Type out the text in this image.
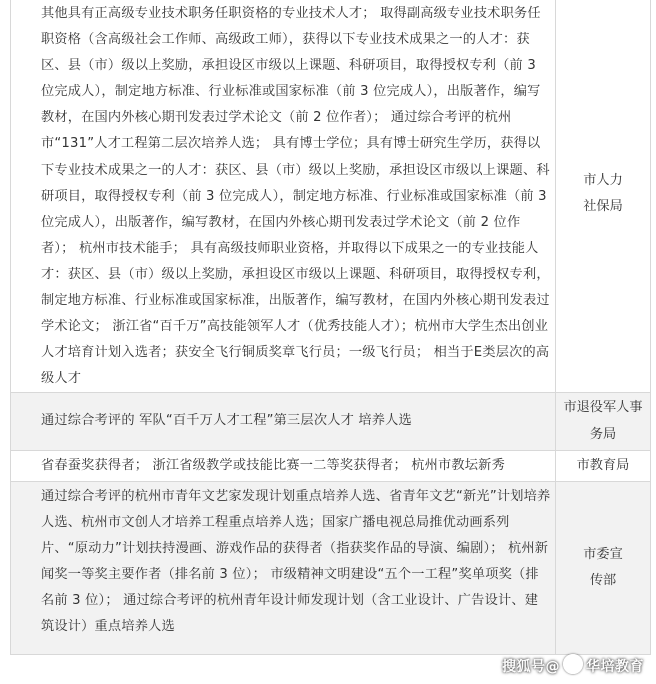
其他具有正高级专业技术职务任职资格的专业技术人才； 取得副高级专业技术职务任职资格（含高级社会工作师、高级政工师），获得以下专业技术成果之一的人才：获区、县（市）级以上奖励，承担设区市级以上课题、科研项目，取得授权专利（前 3 位完成人），制定地方标准、行业标准或国家标准（前 3 位完成人），出版著作，编写教材，在国内外核心期刊发表过学术论文（前 2 位作者）； 通过综合考评的杭州市“131”人才工程第二层次培养人选； 具有博士学位；具有博士研究生学历，获得以下专业技术成果之一的人才：获区、县（市）级以上奖励，承担设区市级以上课题、科研项目，取得授权专利（前 3 位完成人），制定地方标准、行业标准或国家标准（前 3 位完成人），出版著作，编写教材，在国内外核心期刊发表过学术论文（前 2 位作者）； 杭州市技术能手； 具有高级技师职业资格，并取得以下成果之一的专业技能人才：获区、县（市）级以上奖励，承担设区市级以上课题、科研项目，取得授权专利，制定地方标准、行业标准或国家标准，出版著作，编写教材，在国内外核心期刊发表过学术论文； 浙江省“百千万”高技能领军人才（优秀技能人才）；杭州市大学生杰出创业人才培育计划入选者；获安全飞行铜质奖章飞行员；一级飞行员； 相当于E类层次的高级人才	市人力社保局

通过综合考评的 军队“百千万人才工程”第三层次人才 培养人选	市退役军人事务局

省春蚕奖获得者； 浙江省级教学或技能比赛一二等奖获得者； 杭州市教坛新秀	市教育局

通过综合考评的杭州市青年文艺家发现计划重点培养人选、省青年文艺“新光”计划培养人选、杭州市文创人才培养工程重点培养人选；国家广播电视总局推优动画系列片、“原动力”计划扶持漫画、游戏作品的获得者（指获奖作品的导演、编剧）； 杭州新闻奖一等奖主要作者（排名前 3 位）； 市级精神文明建设“五个一工程”奖单项奖（排名前 3 位）； 通过综合考评的杭州青年设计师发现计划（含工业设计、广告设计、建筑设计）重点培养人选	市委宣传部
搜狐号@ 华培教育
